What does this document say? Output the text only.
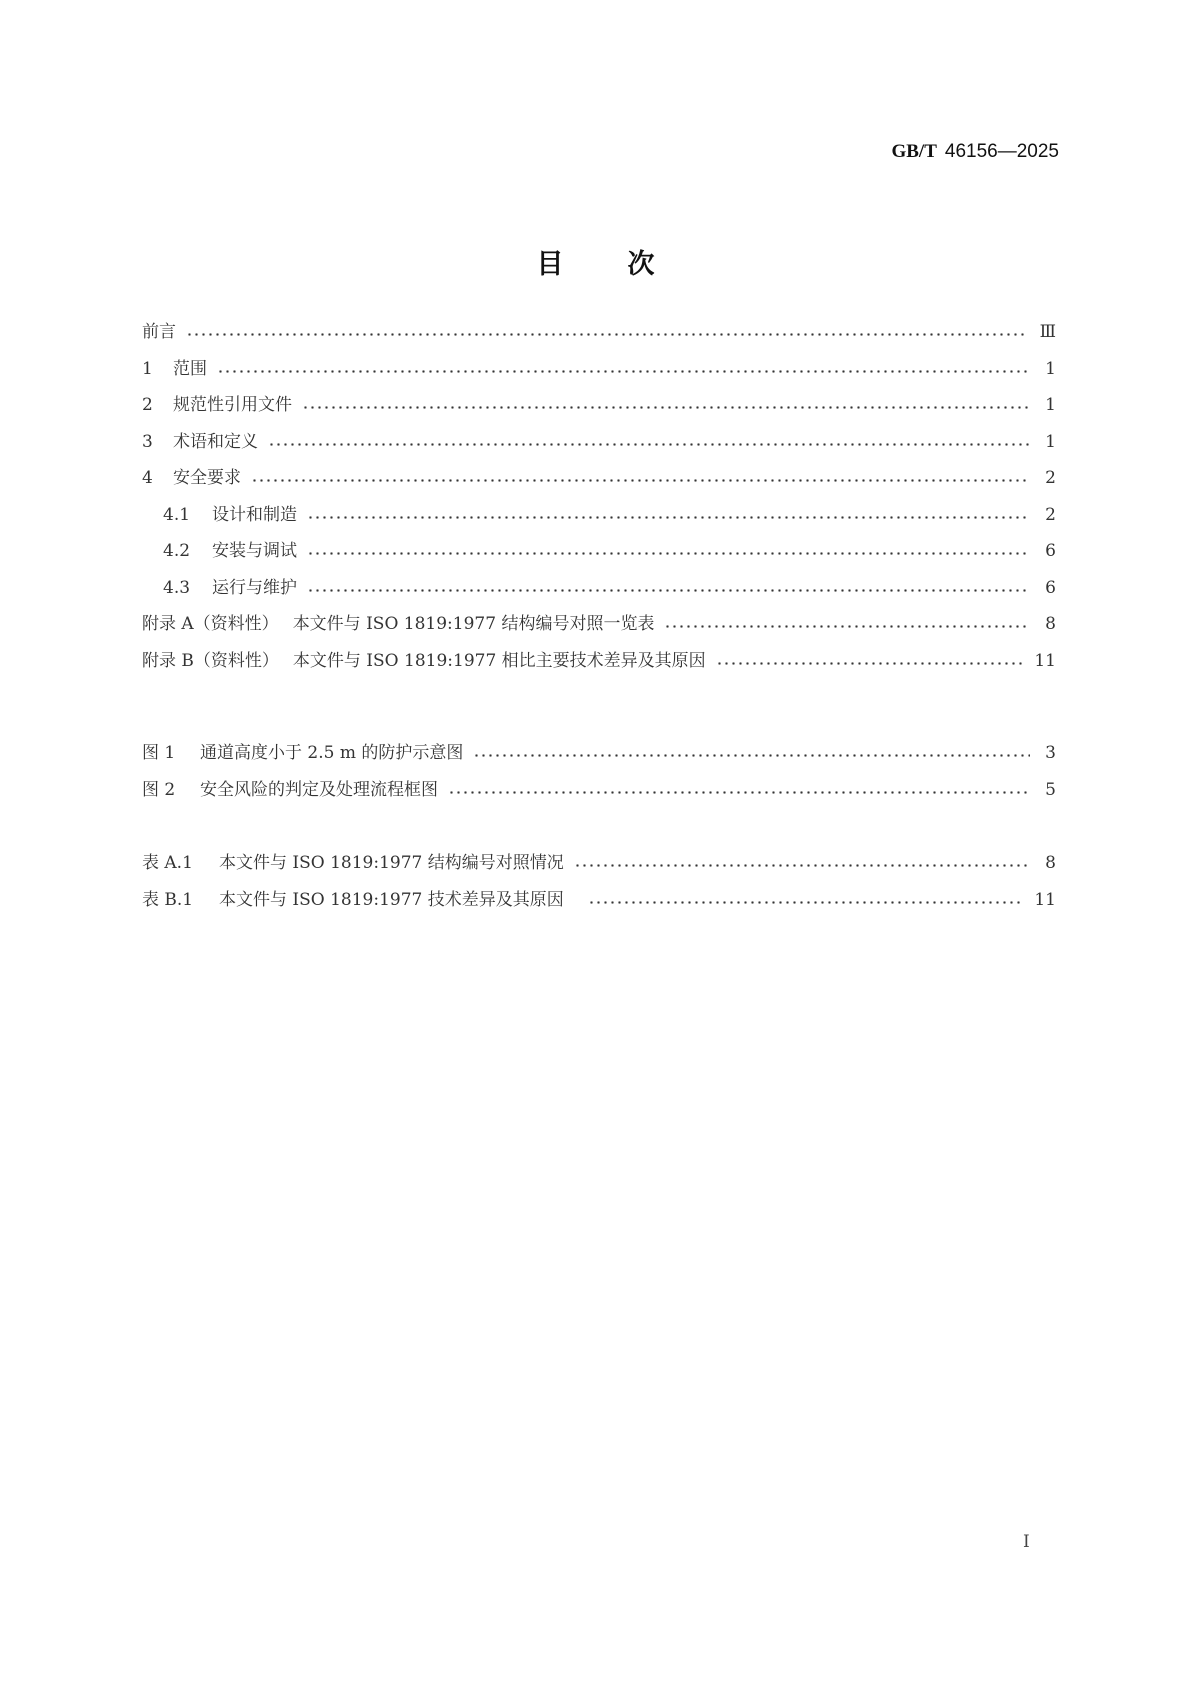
GB/T 46156—2025
目 次
前言	Ⅲ
1 范围	1
2 规范性引用文件	1
3 术语和定义	1
4 安全要求	2
4.1 设计和制造	2
4.2 安装与调试	6
4.3 运行与维护	6
附录 A（资料性） 本文件与 ISO 1819:1977 结构编号对照一览表	8
附录 B（资料性） 本文件与 ISO 1819:1977 相比主要技术差异及其原因	11
图 1 通道高度小于 2.5 m 的防护示意图	3
图 2 安全风险的判定及处理流程框图	5
表 A.1 本文件与 ISO 1819:1977 结构编号对照情况	8
表 B.1 本文件与 ISO 1819:1977 技术差异及其原因	11
Ⅰ
